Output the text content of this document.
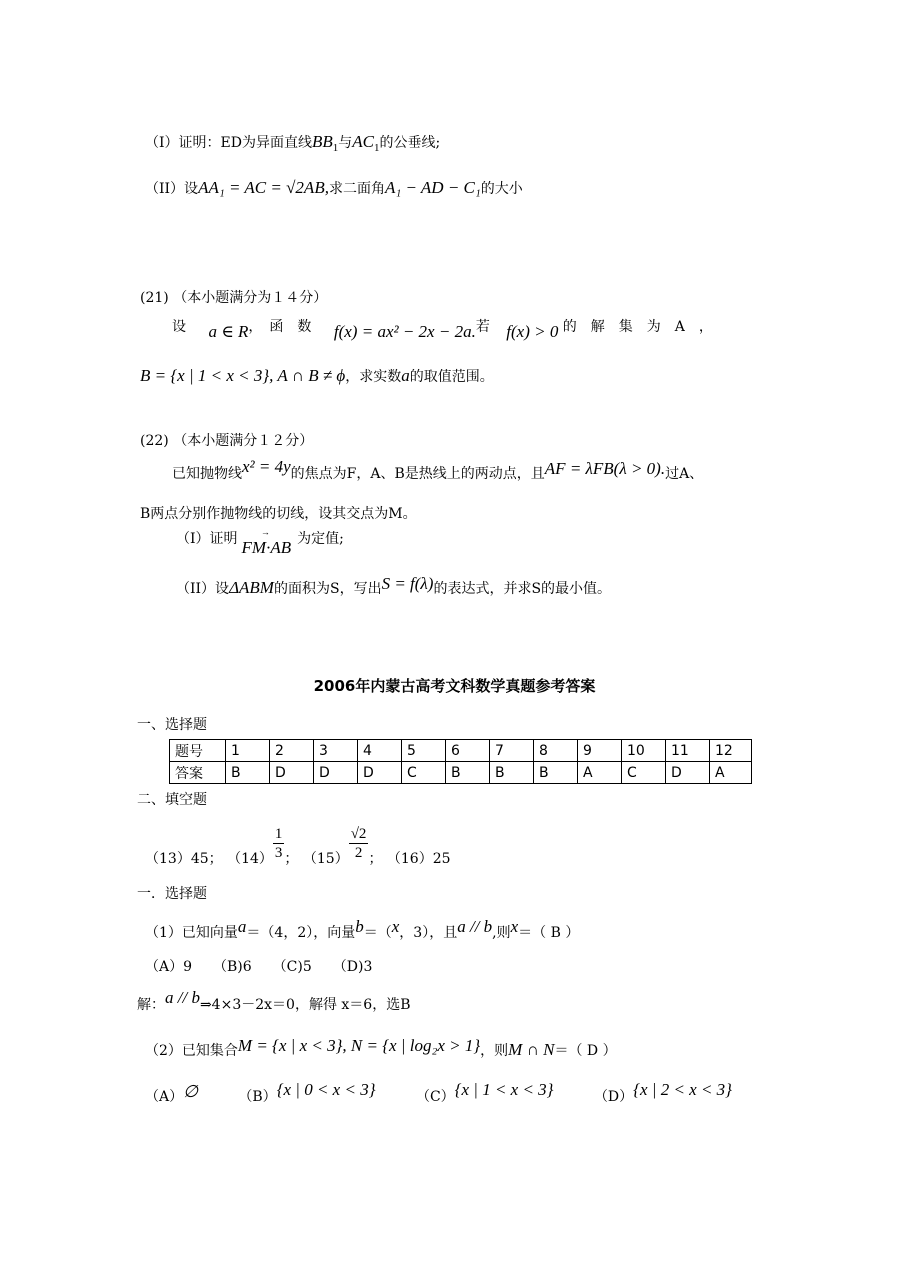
（I）证明：ED为异面直线$BB_1$与$AC_1$的公垂线;
（II）设AA₁ = AC = √2AB,求二面角A₁ − AD − C₁的大小
(21) （本小题满分为１４分）
设 a ∈ R，　函　数 f(x) = ax² − 2x − 2a.若 f(x) > 0 的　解　集　为　A　，
B = {x | 1 < x < 3}, A ∩ B ≠ ϕ，求实数a的取值范围。
(22) （本小题满分１２分）
已知抛物线x² = 4y的焦点为F，A、B是热线上的两动点，且AF = λFB(λ > 0).过A、
B两点分别作抛物线的切线，设其交点为M。
（I）证明 → FM·AB 为定值;
（II）设ΔABM的面积为S，写出S = f(λ)的表达式，并求S的最小值。
2006年内蒙古高考文科数学真题参考答案
一、选择题
题号	1	2	3	4	5	6	7	8	9	10	11	12
答案	B	D	D	D	C	B	B	B	A	C	D	A
二、填空题
（13）45； $(14) \frac{1}{3}$ ； $(15) \frac{√2}{2}$ ； （16）25
一．选择题
（1）已知向量a＝（4，2），向量b＝（x，3），且a // b,则x＝（ B ）
（A）9　　（B)6　　（C)5　　（D)3
解：a // b⇒4×3－2x＝0，解得 x＝6，选B
（2）已知集合M = {x | x < 3}, N = {x | log₂x > 1}，则M ∩ N＝（ D ）
（A）∅	（B）{x | 0 < x < 3}	（C）{x | 1 < x < 3}	（D）{x | 2 < x < 3}
